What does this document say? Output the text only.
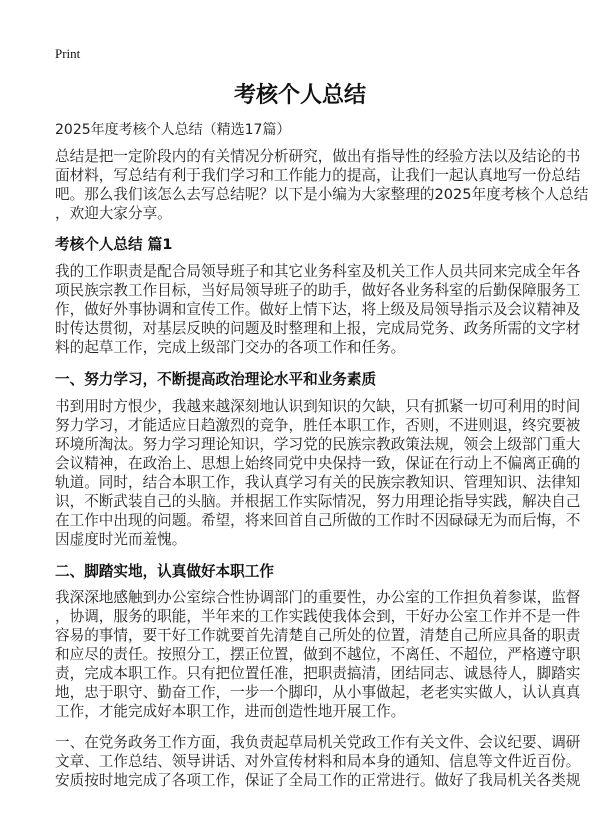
Print
考核个人总结
2025年度考核个人总结（精选17篇）
总结是把一定阶段内的有关情况分析研究，做出有指导性的经验方法以及结论的书
面材料，写总结有利于我们学习和工作能力的提高，让我们一起认真地写一份总结
吧。那么我们该怎么去写总结呢？以下是小编为大家整理的2025年度考核个人总结
，欢迎大家分享。
考核个人总结 篇1
我的工作职责是配合局领导班子和其它业务科室及机关工作人员共同来完成全年各
项民族宗教工作目标，当好局领导班子的助手，做好各业务科室的后勤保障服务工
作，做好外事协调和宣传工作。做好上情下达，将上级及局领导指示及会议精神及
时传达贯彻，对基层反映的问题及时整理和上报，完成局党务、政务所需的文字材
料的起草工作，完成上级部门交办的各项工作和任务。
一、努力学习，不断提高政治理论水平和业务素质
书到用时方恨少，我越来越深刻地认识到知识的欠缺，只有抓紧一切可利用的时间
努力学习，才能适应日趋激烈的竞争，胜任本职工作，否则，不进则退，终究要被
环境所淘汰。努力学习理论知识，学习党的民族宗教政策法规，领会上级部门重大
会议精神，在政治上、思想上始终同党中央保持一致，保证在行动上不偏离正确的
轨道。同时，结合本职工作，我认真学习有关的民族宗教知识、管理知识、法律知
识，不断武装自己的头脑。并根据工作实际情况，努力用理论指导实践，解决自己
在工作中出现的问题。希望，将来回首自己所做的工作时不因碌碌无为而后悔，不
因虚度时光而羞愧。
二、脚踏实地，认真做好本职工作
我深深地感触到办公室综合性协调部门的重要性，办公室的工作担负着参谋，监督
，协调，服务的职能，半年来的工作实践使我体会到，干好办公室工作并不是一件
容易的事情，要干好工作就要首先清楚自己所处的位置，清楚自己所应具备的职责
和应尽的责任。按照分工，摆正位置，做到不越位，不离任、不超位，严格遵守职
责，完成本职工作。只有把位置任准，把职责搞清，团结同志、诚恳待人，脚踏实
地，忠于职守、勤奋工作，一步一个脚印，从小事做起，老老实实做人，认认真真
工作，才能完成好本职工作，进而创造性地开展工作。
一、在党务政务工作方面，我负责起草局机关党政工作有关文件、会议纪要、调研
文章、工作总结、领导讲话、对外宣传材料和局本身的通知、信息等文件近百份。
安质按时地完成了各项工作，保证了全局工作的正常进行。做好了我局机关各类规
